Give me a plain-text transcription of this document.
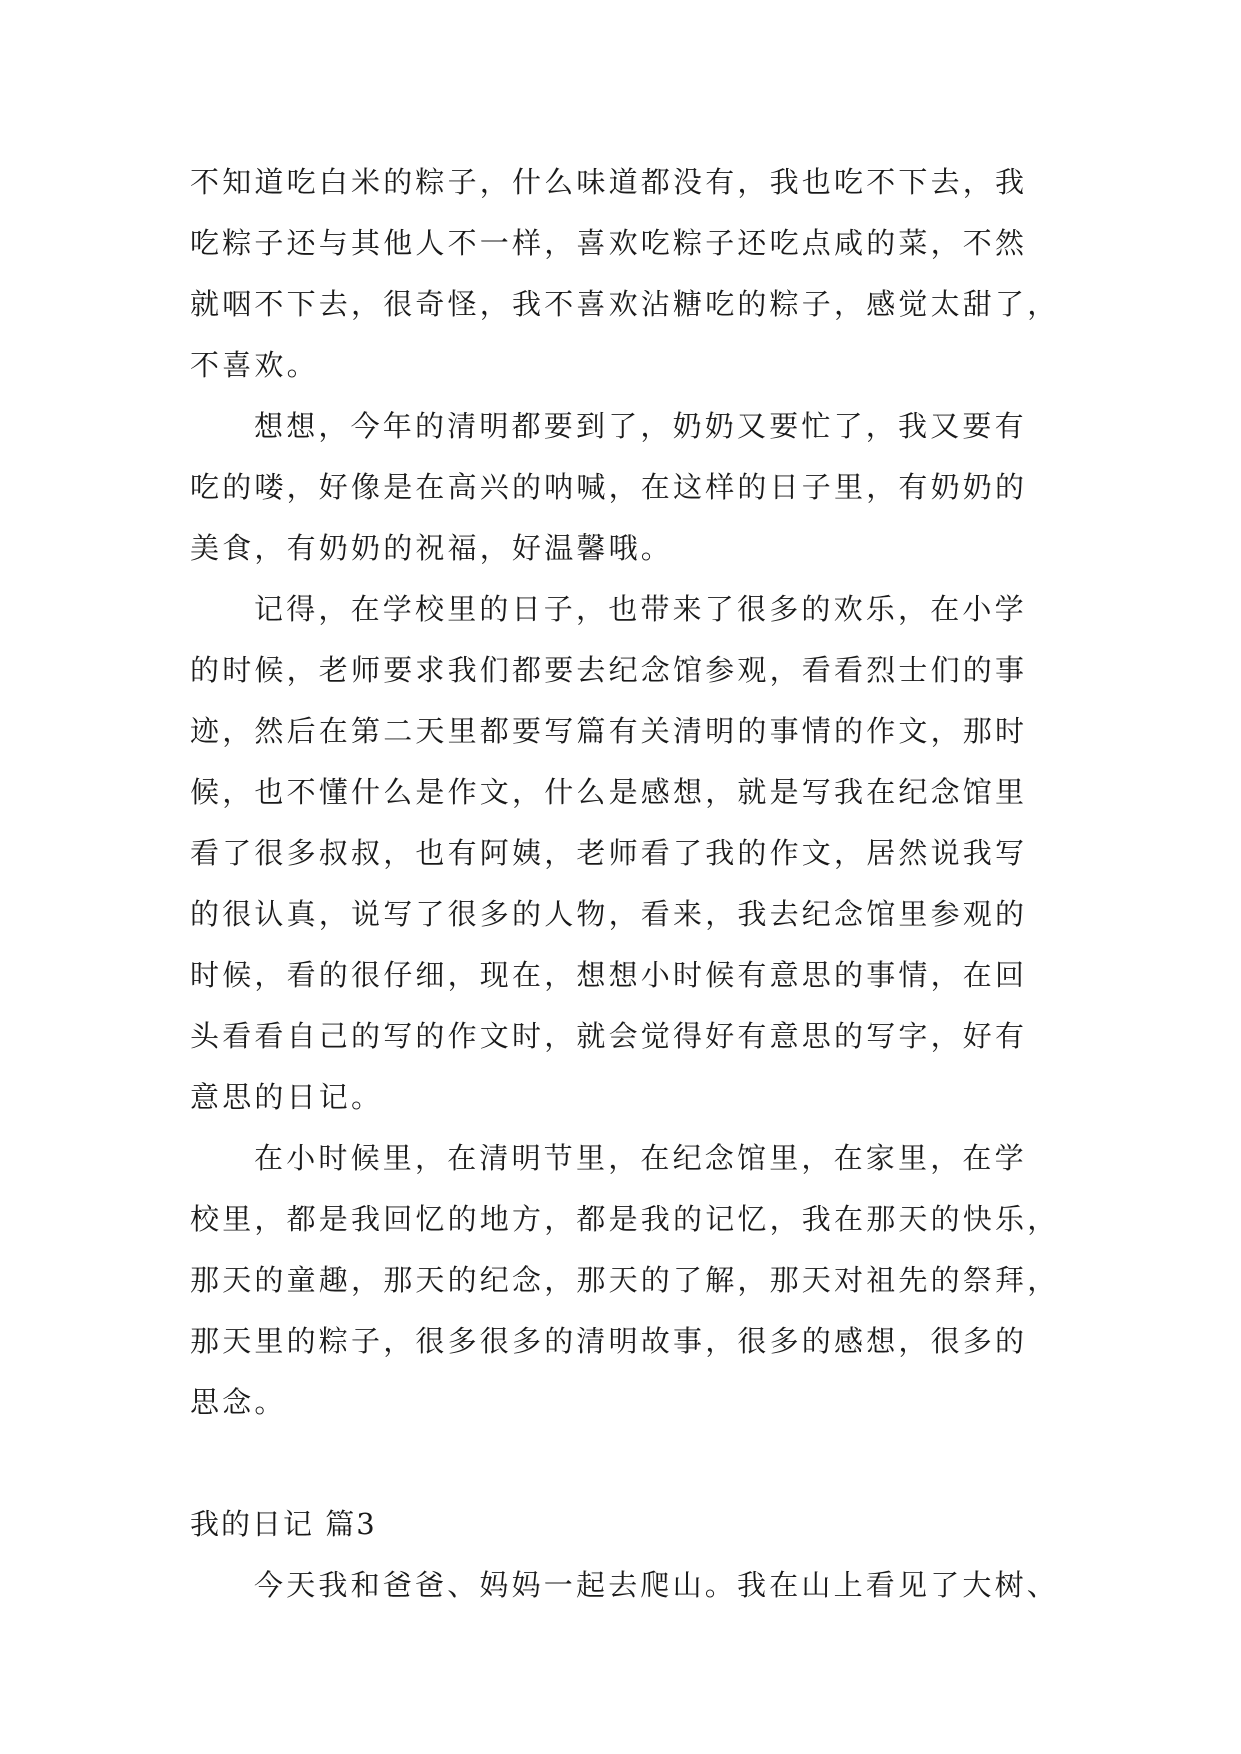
不知道吃白米的粽子，什么味道都没有，我也吃不下去，我
吃粽子还与其他人不一样，喜欢吃粽子还吃点咸的菜，不然
就咽不下去，很奇怪，我不喜欢沾糖吃的粽子，感觉太甜了，
不喜欢。
想想，今年的清明都要到了，奶奶又要忙了，我又要有
吃的喽，好像是在高兴的呐喊，在这样的日子里，有奶奶的
美食，有奶奶的祝福，好温馨哦。
记得，在学校里的日子，也带来了很多的欢乐，在小学
的时候，老师要求我们都要去纪念馆参观，看看烈士们的事
迹，然后在第二天里都要写篇有关清明的事情的作文，那时
候，也不懂什么是作文，什么是感想，就是写我在纪念馆里
看了很多叔叔，也有阿姨，老师看了我的作文，居然说我写
的很认真，说写了很多的人物，看来，我去纪念馆里参观的
时候，看的很仔细，现在，想想小时候有意思的事情，在回
头看看自己的写的作文时，就会觉得好有意思的写字，好有
意思的日记。
在小时候里，在清明节里，在纪念馆里，在家里，在学
校里，都是我回忆的地方，都是我的记忆，我在那天的快乐，
那天的童趣，那天的纪念，那天的了解，那天对祖先的祭拜，
那天里的粽子，很多很多的清明故事，很多的感想，很多的
思念。
我的日记 篇3
今天我和爸爸、妈妈一起去爬山。我在山上看见了大树、
